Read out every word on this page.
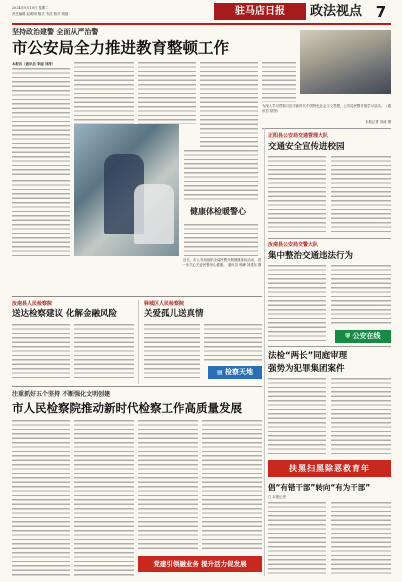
2024年9月10日 星期二
责任编辑 赵明明 版式 韦浩 校对 胡瑞	驻马店日报	政法视点 7
坚持政治建警 全面从严治警
市公安局全力推进教育整顿工作
本报讯（通讯员 李丽 刘涛）
为深入学习贯彻习近平新时代中国特色社会主义思想，公安局民警开展学习活动。（通讯员 供图）
本报记者 刘涛 摄
健康体检暖警心
近日，市公安局组织全局民警开展健康体检活动，进一步关心关爱民警身心健康。 通讯员 邢峰 刘建东 摄
正阳县公安局交通管理大队
交通安全宣传进校园
汝南县公安局交警大队
集中整治交通违法行为
⛨ 公安在线
汝南县人民检察院
送达检察建议 化解金融风险
驿城区人民检察院
关爱孤儿送真情
▤ 检察天地
法检“两长”同庭审理
强势为犯罪集团案件
扶黑扫黑除恶救育年
倡“有错干部”转向“有为干部”
□ 本报记者
注重抓好五个坚持 不断强化文明创建
市人民检察院推动新时代检察工作高质量发展
党建引领融业务 提升活力促发展
